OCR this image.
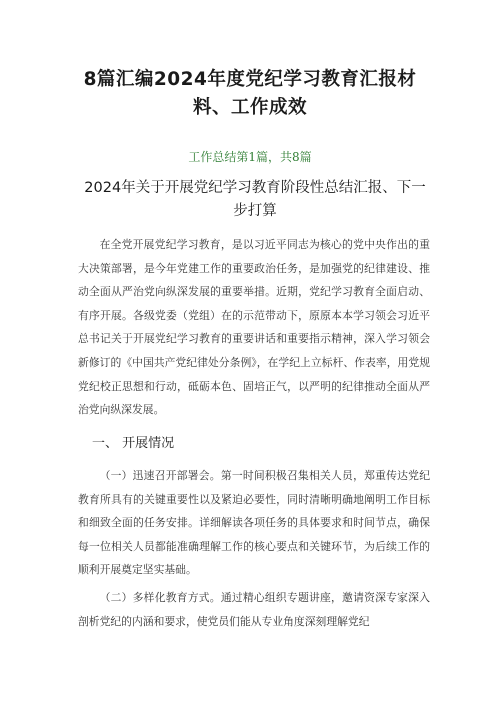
8篇汇编2024年度党纪学习教育汇报材
料、工作成效
工作总结第1篇，共8篇
2024年关于开展党纪学习教育阶段性总结汇报、下一
步打算

在全党开展党纪学习教育，是以习近平同志为核心的党中央作出的重大决策部署，是今年党建工作的重要政治任务，是加强党的纪律建设、推动全面从严治党向纵深发展的重要举措。近期，党纪学习教育全面启动、有序开展。各级党委（党组）在的示范带动下，原原本本学习领会习近平总书记关于开展党纪学习教育的重要讲话和重要指示精神，深入学习领会新修订的《中国共产党纪律处分条例》，在学纪上立标杆、作表率，用党规党纪校正思想和行动，砥砺本色、固培正气，以严明的纪律推动全面从严治党向纵深发展。

一、 开展情况

（一）迅速召开部署会。第一时间积极召集相关人员，郑重传达党纪教育所具有的关键重要性以及紧迫必要性，同时清晰明确地阐明工作目标和细致全面的任务安排。详细解读各项任务的具体要求和时间节点，确保每一位相关人员都能准确理解工作的核心要点和关键环节，为后续工作的顺利开展奠定坚实基础。

（二）多样化教育方式。通过精心组织专题讲座，邀请资深专家深入剖析党纪的内涵和要求，使党员们能从专业角度深刻理解党纪
